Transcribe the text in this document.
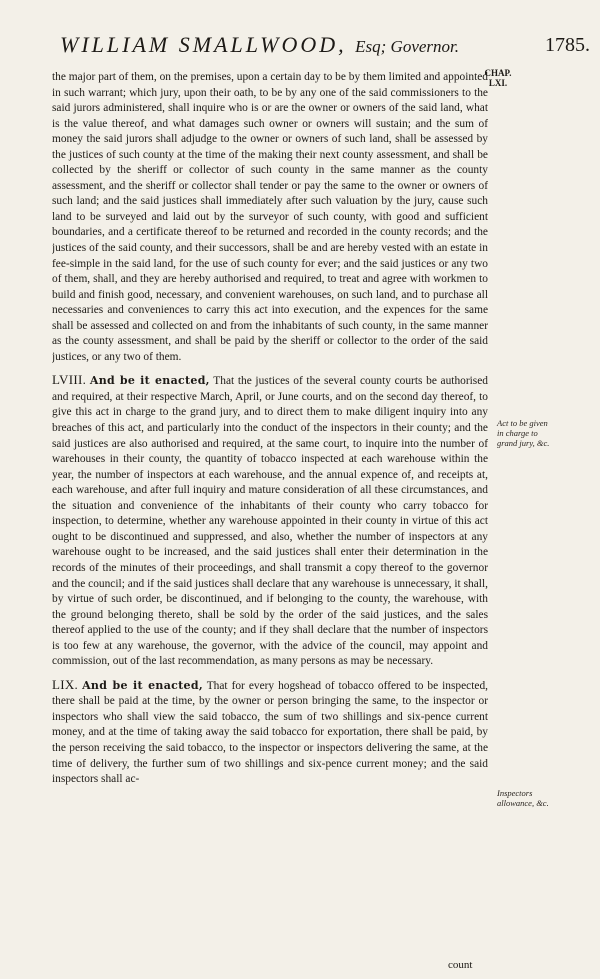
WILLIAM SMALLWOOD, Esq; Governor.	1785.
CHAP. LXI.

the major part of them, on the premises, upon a certain day to be by them limited and appointed in such warrant; which jury, upon their oath, to be by any one of the said commissioners to the said jurors administered, shall inquire who is or are the owner or owners of the said land, what is the value thereof, and what damages such owner or owners will sustain; and the sum of money the said jurors shall adjudge to the owner or owners of such land, shall be assessed by the justices of such county at the time of the making their next county assessment, and shall be collected by the sheriff or collector of such county in the same manner as the county assessment, and the sheriff or collector shall tender or pay the same to the owner or owners of such land; and the said justices shall immediately after such valuation by the jury, cause such land to be surveyed and laid out by the surveyor of such county, with good and sufficient boundaries, and a certificate thereof to be returned and recorded in the county records; and the justices of the said county, and their successors, shall be and are hereby vested with an estate in fee-simple in the said land, for the use of such county for ever; and the said justices or any two of them, shall, and they are hereby authorised and required, to treat and agree with workmen to build and finish good, necessary, and convenient warehouses, on such land, and to purchase all necessaries and conveniences to carry this act into execution, and the expences for the same shall be assessed and collected on and from the inhabitants of such county, in the same manner as the county assessment, and shall be paid by the sheriff or collector to the order of the said justices, or any two of them.

LVIII. And be it enacted, That the justices of the several county courts be authorised and required, at their respective March, April, or June courts, and on the second day thereof, to give this act in charge to the grand jury, and to direct them to make diligent inquiry into any breaches of this act, and particularly into the conduct of the inspectors in their county; and the said justices are also authorised and required, at the same court, to inquire into the number of warehouses in their county, the quantity of tobacco inspected at each warehouse within the year, the number of inspectors at each warehouse, and the annual expence of, and receipts at, each warehouse, and after full inquiry and mature consideration of all these circumstances, and the situation and convenience of the inhabitants of their county who carry tobacco for inspection, to determine, whether any warehouse appointed in their county in virtue of this act ought to be discontinued and suppressed, and also, whether the number of inspectors at any warehouse ought to be increased, and the said justices shall enter their determination in the records of the minutes of their proceedings, and shall transmit a copy thereof to the governor and the council; and if the said justices shall declare that any warehouse is unnecessary, it shall, by virtue of such order, be discontinued, and if belonging to the county, the warehouse, with the ground belonging thereto, shall be sold by the order of the said justices, and the sales thereof applied to the use of the county; and if they shall declare that the number of inspectors is too few at any warehouse, the governor, with the advice of the council, may appoint and commission, out of the last recommendation, as many persons as may be necessary.

LIX. And be it enacted, That for every hogshead of tobacco offered to be inspected, there shall be paid at the time, by the owner or person bringing the same, to the inspector or inspectors who shall view the said tobacco, the sum of two shillings and six-pence current money, and at the time of taking away the said tobacco for exportation, there shall be paid, by the person receiving the said tobacco, to the inspector or inspectors delivering the same, at the time of delivery, the further sum of two shillings and six-pence current money; and the said inspectors shall ac-

Act to be given in charge to grand jury, &c.
Inspectors allowance, &c.
count
